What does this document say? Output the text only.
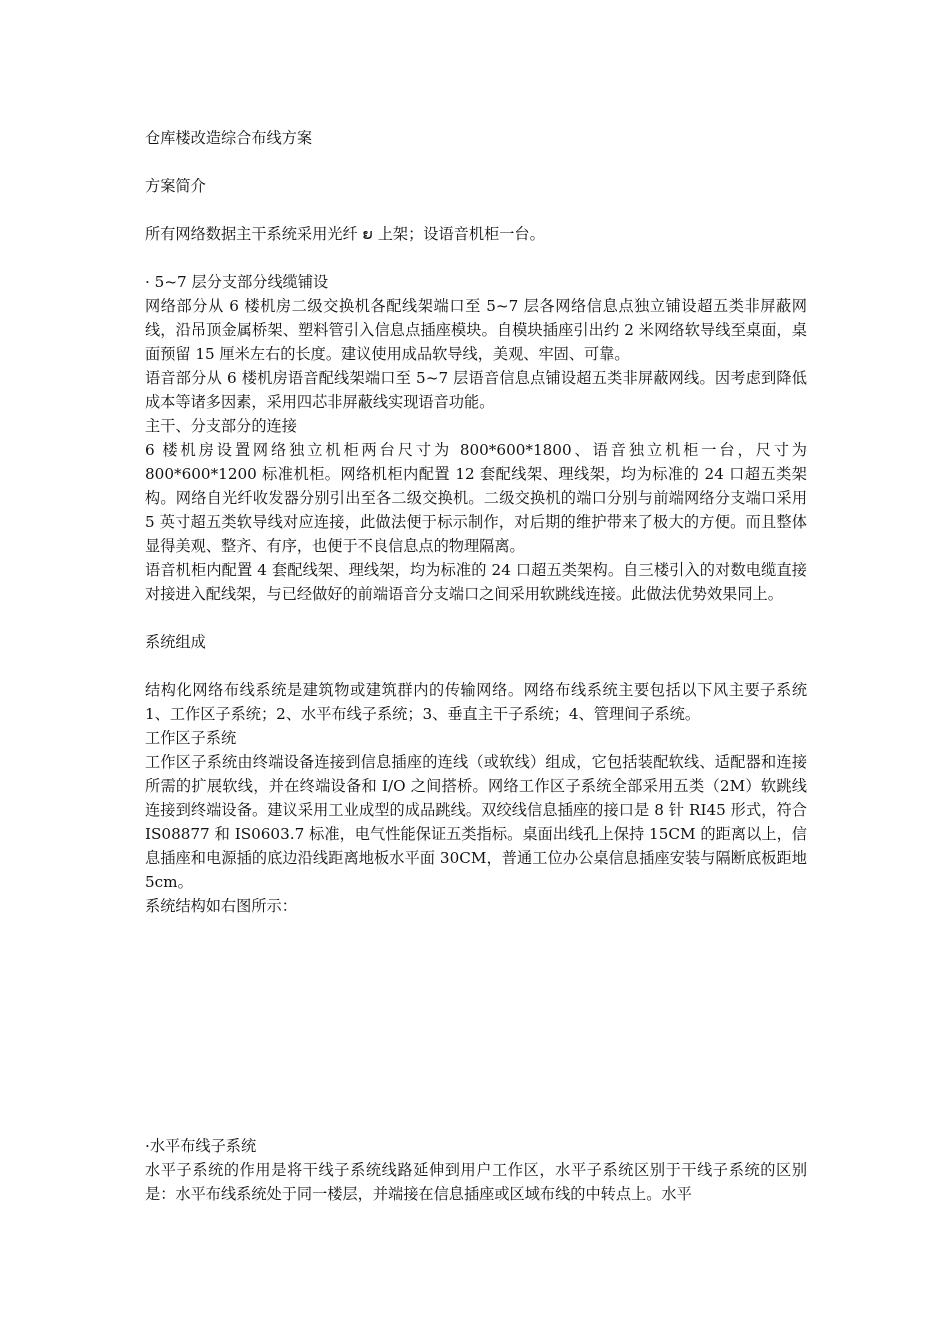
仓库楼改造综合布线方案
方案简介
所有网络数据主干系统采用光纤 ຍ 上架；设语音机柜一台。
· 5~7 层分支部分线缆铺设
网络部分从 6 楼机房二级交换机各配线架端口至 5~7 层各网络信息点独立铺设超五类非屏蔽网线，沿吊顶金属桥架、塑料管引入信息点插座模块。自模块插座引出约 2 米网络软导线至桌面，桌面预留 15 厘米左右的长度。建议使用成品软导线，美观、牢固、可靠。
语音部分从 6 楼机房语音配线架端口至 5~7 层语音信息点铺设超五类非屏蔽网线。因考虑到降低成本等诸多因素，采用四芯非屏蔽线实现语音功能。
主干、分支部分的连接
6 楼机房设置网络独立机柜两台尺寸为 800*600*1800、语音独立机柜一台，尺寸为 800*600*1200 标准机柜。网络机柜内配置 12 套配线架、理线架，均为标准的 24 口超五类架构。网络自光纤收发器分别引出至各二级交换机。二级交换机的端口分别与前端网络分支端口采用 5 英寸超五类软导线对应连接，此做法便于标示制作，对后期的维护带来了极大的方便。而且整体显得美观、整齐、有序，也便于不良信息点的物理隔离。
语音机柜内配置 4 套配线架、理线架，均为标准的 24 口超五类架构。自三楼引入的对数电缆直接对接进入配线架，与已经做好的前端语音分支端口之间采用软跳线连接。此做法优势效果同上。
系统组成
结构化网络布线系统是建筑物或建筑群内的传输网络。网络布线系统主要包括以下风主要子系统 1、工作区子系统；2、水平布线子系统；3、垂直主干子系统；4、管理间子系统。
工作区子系统
工作区子系统由终端设备连接到信息插座的连线（或软线）组成，它包括装配软线、适配器和连接所需的扩展软线，并在终端设备和 I/O 之间搭桥。网络工作区子系统全部采用五类（2M）软跳线连接到终端设备。建议采用工业成型的成品跳线。双绞线信息插座的接口是 8 针 RI45 形式，符合 IS08877 和 IS0603.7 标准，电气性能保证五类指标。桌面出线孔上保持 15CM 的距离以上，信息插座和电源插的底边沿线距离地板水平面 30CM，普通工位办公桌信息插座安装与隔断底板距地 5cm。
系统结构如右图所示：
·水平布线子系统
水平子系统的作用是将干线子系统线路延伸到用户工作区，水平子系统区别于干线子系统的区别是：水平布线系统处于同一楼层，并端接在信息插座或区域布线的中转点上。水平
